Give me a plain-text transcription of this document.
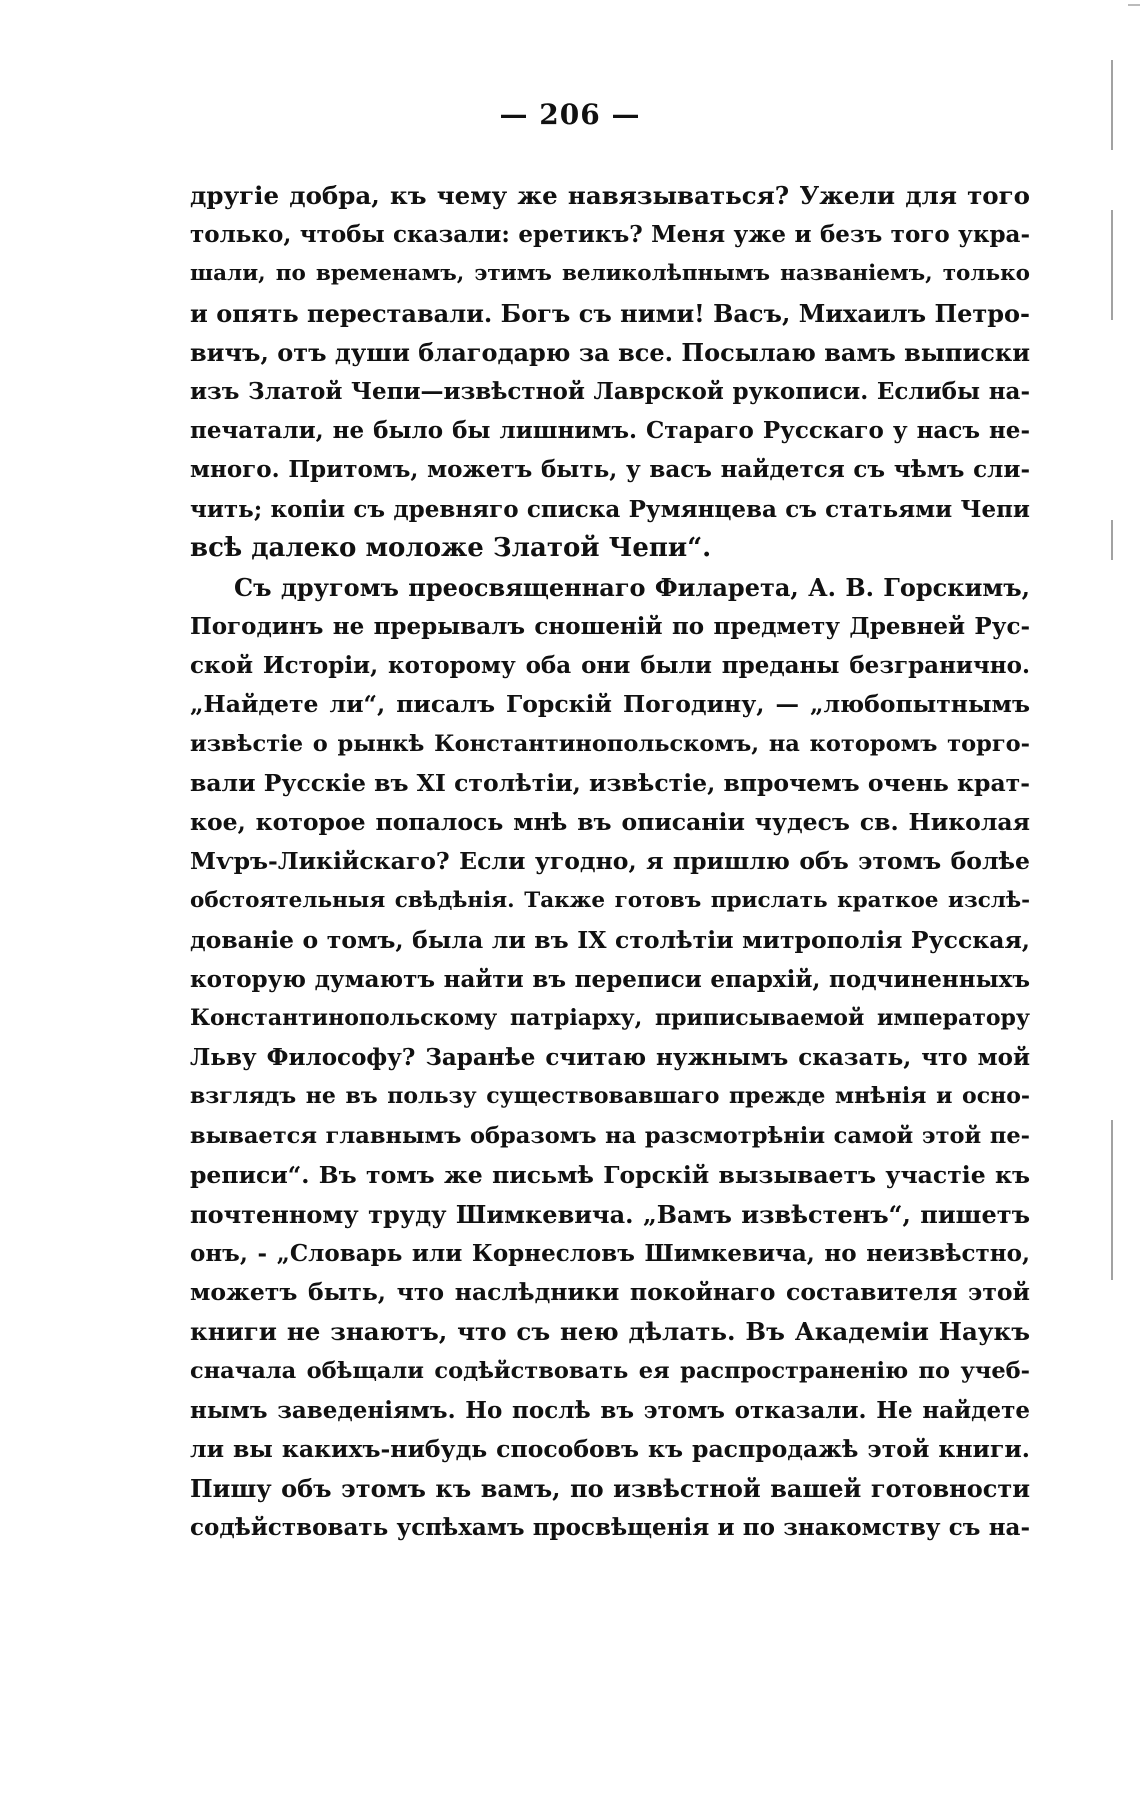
— 206 —
другіе добра, къ чему же навязываться? Ужели для того
только, чтобы сказали: еретикъ? Меня уже и безъ того укра-
шали, по временамъ, этимъ великолѣпнымъ названіемъ, только
и опять переставали. Богъ съ ними! Васъ, Михаилъ Петро-
вичъ, отъ души благодарю за все. Посылаю вамъ выписки
изъ Златой Чепи—извѣстной Лаврской рукописи. Еслибы на-
печатали, не было бы лишнимъ. Стараго Русскаго у насъ не-
много. Притомъ, можетъ быть, у васъ найдется съ чѣмъ сли-
чить; копіи съ древняго списка Румянцева съ статьями Чепи
всѣ далеко моложе Златой Чепи“.
Съ другомъ преосвященнаго Филарета, А. В. Горскимъ,
Погодинъ не прерывалъ сношеній по предмету Древней Рус-
ской Исторіи, которому оба они были преданы безгранично.
„Найдете ли“, писалъ Горскій Погодину, — „любопытнымъ
извѣстіе о рынкѣ Константинопольскомъ, на которомъ торго-
вали Русскіе въ XI столѣтіи, извѣстіе, впрочемъ очень крат-
кое, которое попалось мнѣ въ описаніи чудесъ св. Николая
Мѵръ-Ликійскаго? Если угодно, я пришлю объ этомъ болѣе
обстоятельныя свѣдѣнія. Также готовъ прислать краткое изслѣ-
дованіе о томъ, была ли въ IX столѣтіи митрополія Русская,
которую думаютъ найти въ переписи епархій, подчиненныхъ
Константинопольскому патріарху, приписываемой императору
Льву Философу? Заранѣе считаю нужнымъ сказать, что мой
взглядъ не въ пользу существовавшаго прежде мнѣнія и осно-
вывается главнымъ образомъ на разсмотрѣніи самой этой пе-
реписи“. Въ томъ же письмѣ Горскій вызываетъ участіе къ
почтенному труду Шимкевича. „Вамъ извѣстенъ“, пишетъ
онъ, - „Словарь или Корнесловъ Шимкевича, но неизвѣстно,
можетъ быть, что наслѣдники покойнаго составителя этой
книги не знаютъ, что съ нею дѣлать. Въ Академіи Наукъ
сначала обѣщали содѣйствовать ея распространенію по учеб-
нымъ заведеніямъ. Но послѣ въ этомъ отказали. Не найдете
ли вы какихъ-нибудь способовъ къ распродажѣ этой книги.
Пишу объ этомъ къ вамъ, по извѣстной вашей готовности
содѣйствовать успѣхамъ просвѣщенія и по знакомству съ на-
